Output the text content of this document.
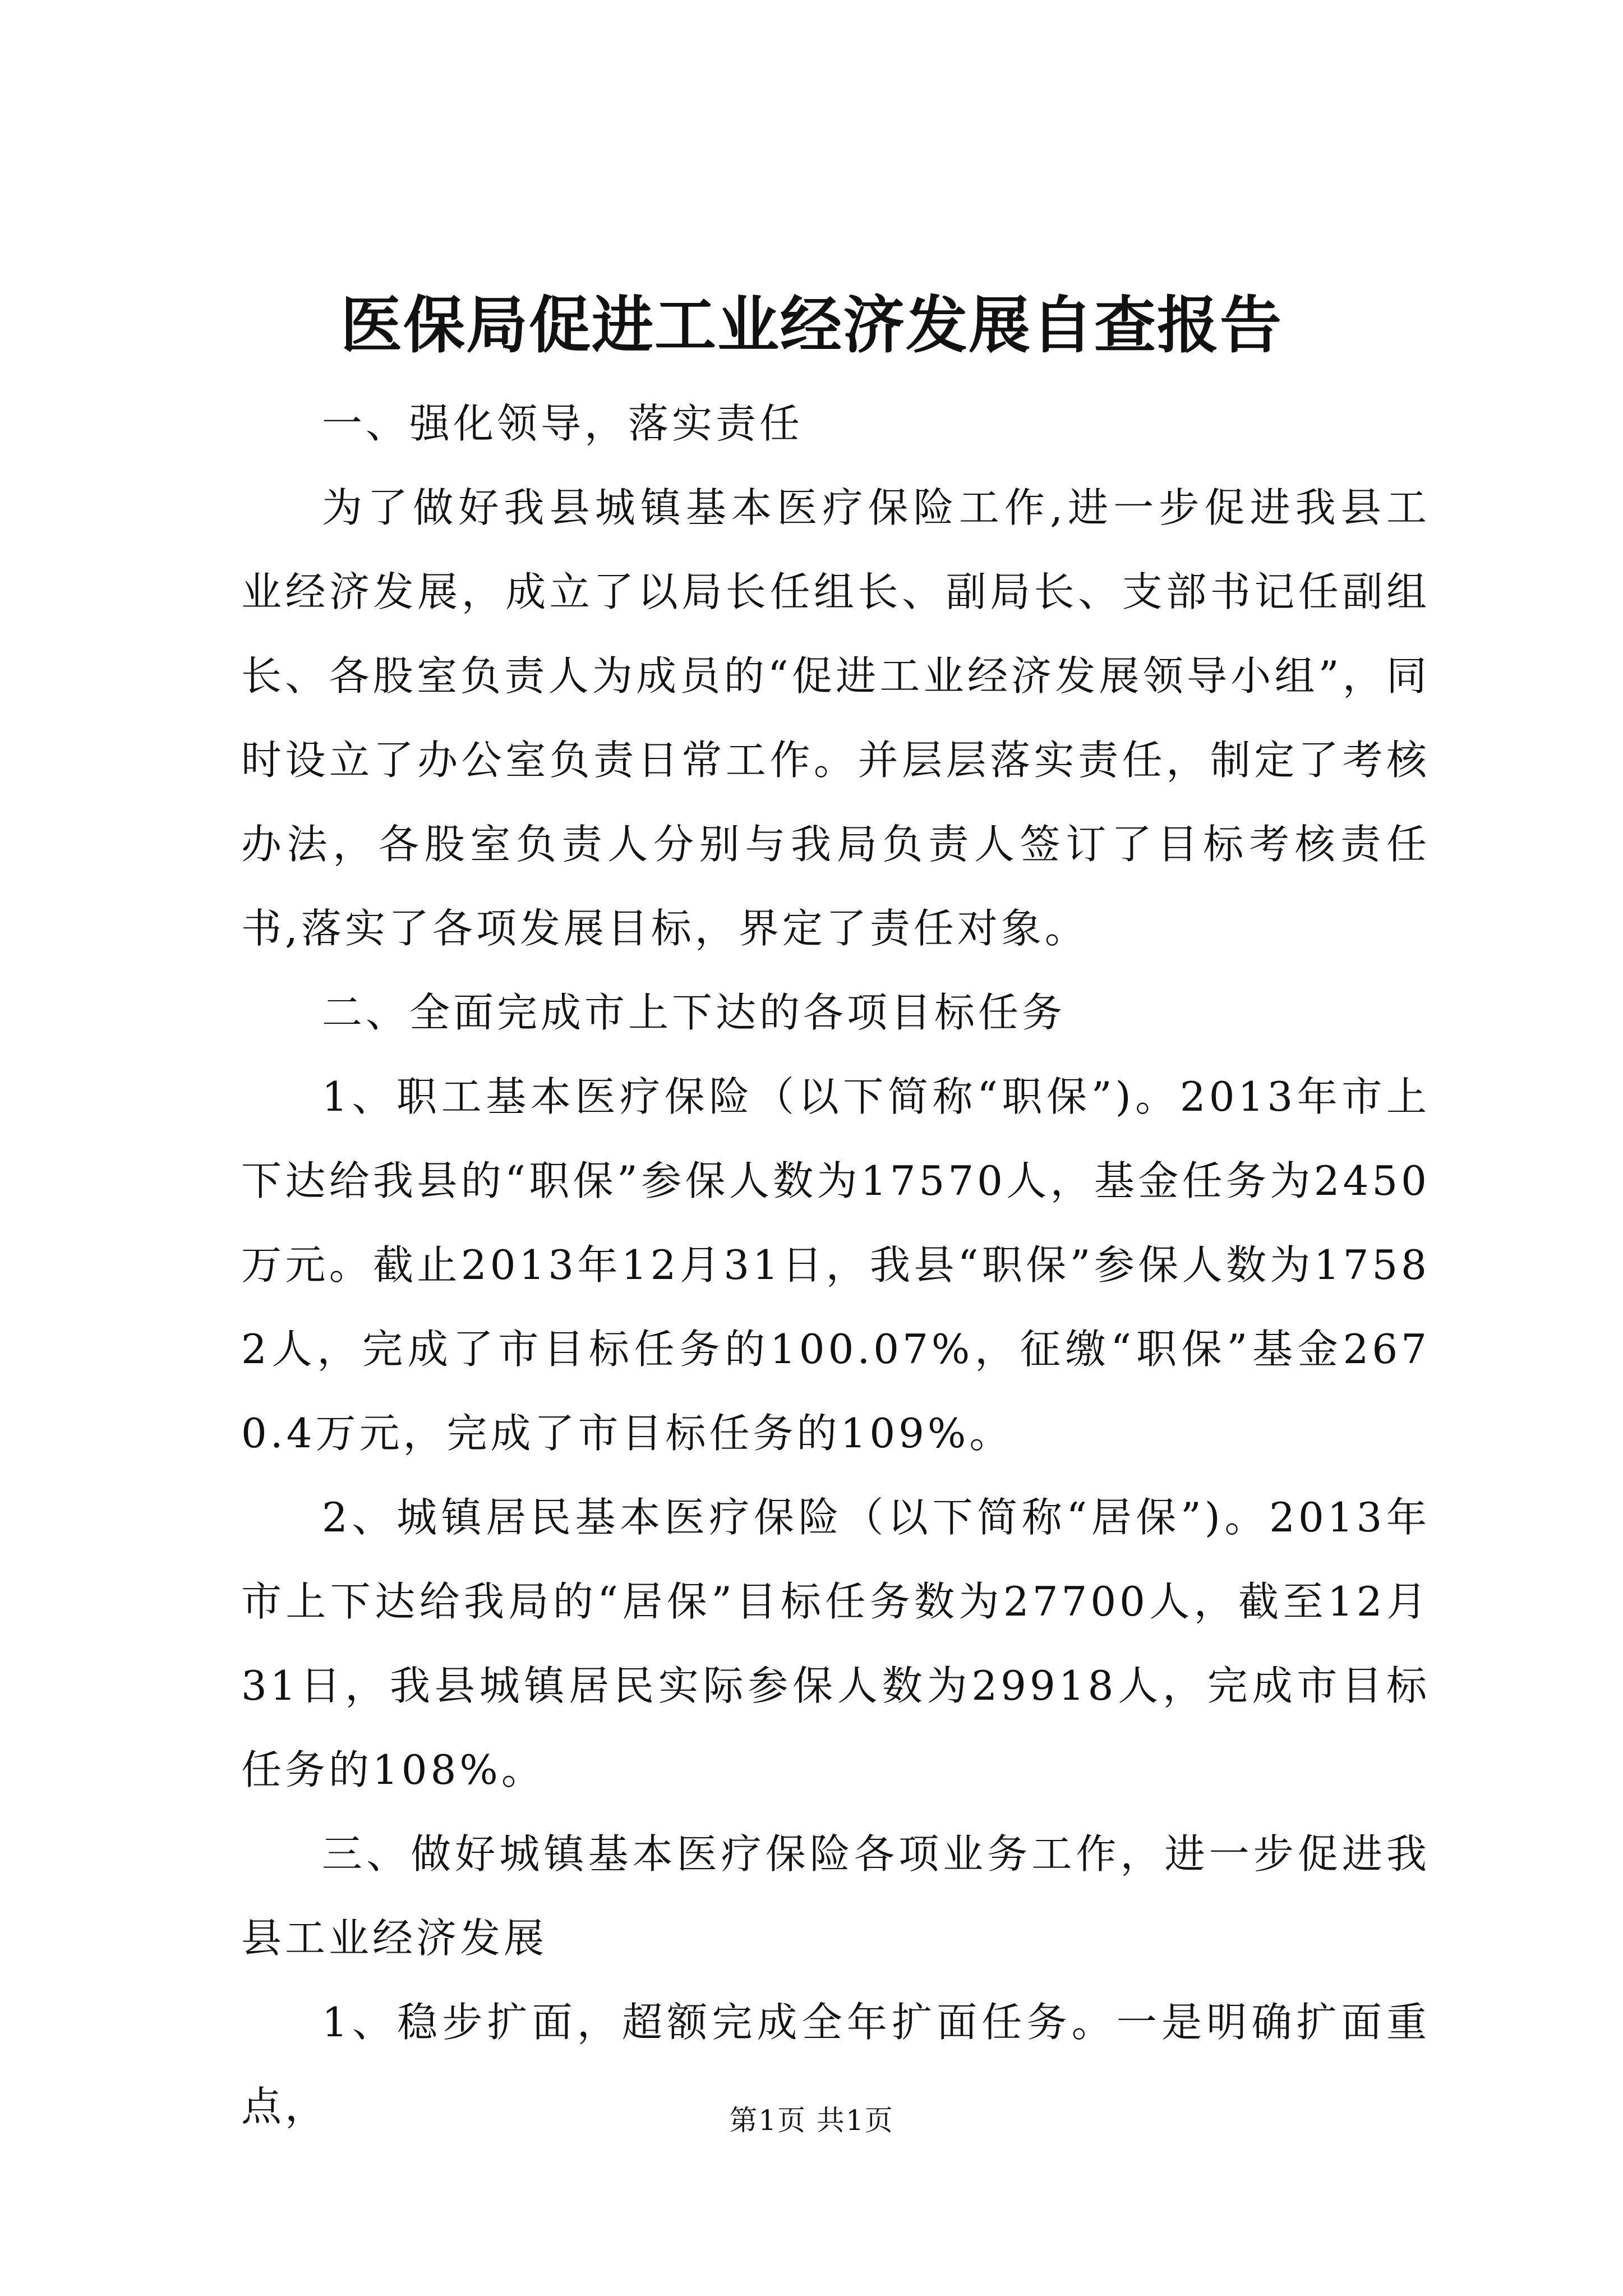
医保局促进工业经济发展自查报告

一、强化领导，落实责任

为了做好我县城镇基本医疗保险工作,进一步促进我县工业经济发展，成立了以局长任组长、副局长、支部书记任副组长、各股室负责人为成员的“促进工业经济发展领导小组”，同时设立了办公室负责日常工作。并层层落实责任，制定了考核办法，各股室负责人分别与我局负责人签订了目标考核责任书,落实了各项发展目标，界定了责任对象。

二、全面完成市上下达的各项目标任务

1、职工基本医疗保险（以下简称“职保”)。2013年市上下达给我县的“职保”参保人数为17570人，基金任务为2450万元。截止2013年12月31日，我县“职保”参保人数为17582人，完成了市目标任务的100.07%，征缴“职保”基金2670.4万元，完成了市目标任务的109%。

2、城镇居民基本医疗保险（以下简称“居保”)。2013年市上下达给我局的“居保”目标任务数为27700人，截至12月31日，我县城镇居民实际参保人数为29918人，完成市目标任务的108%。

三、做好城镇基本医疗保险各项业务工作，进一步促进我县工业经济发展

1、稳步扩面，超额完成全年扩面任务。一是明确扩面重点，	第1页 共1页
